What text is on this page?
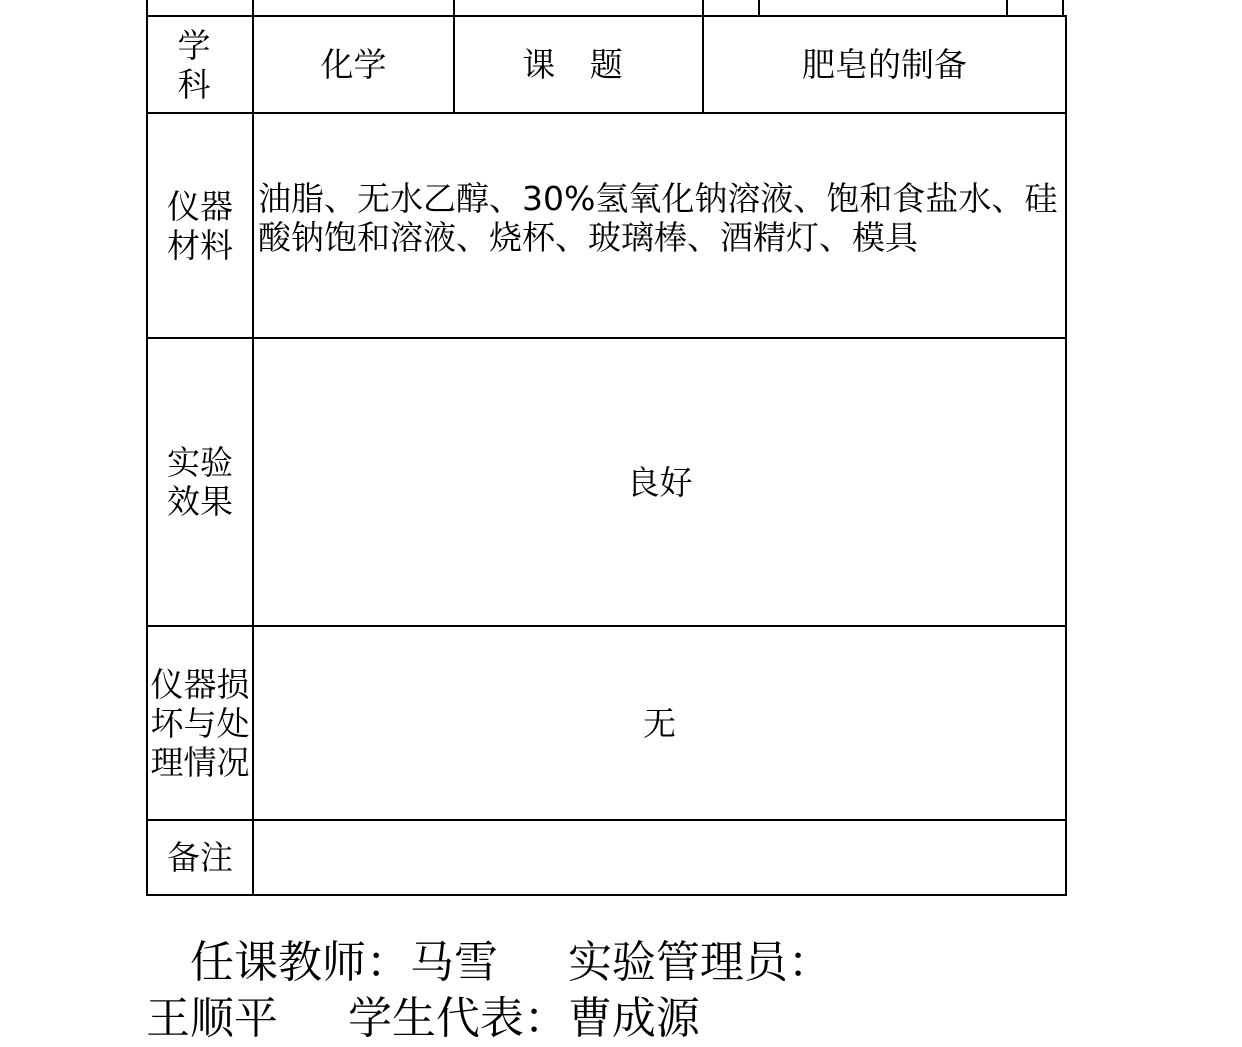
学 科	化学	课 题	肥皂的制备

仪器
材料	油脂、无水乙醇、30%氢氧化钠溶液、饱和食盐水、硅酸钠饱和溶液、烧杯、玻璃棒、酒精灯、模具		

实验
效果	良好		

仪器损
坏与处
理情况	无		
备注			
任课教师：马雪 实验管理员：王顺平 学生代表：曹成源
